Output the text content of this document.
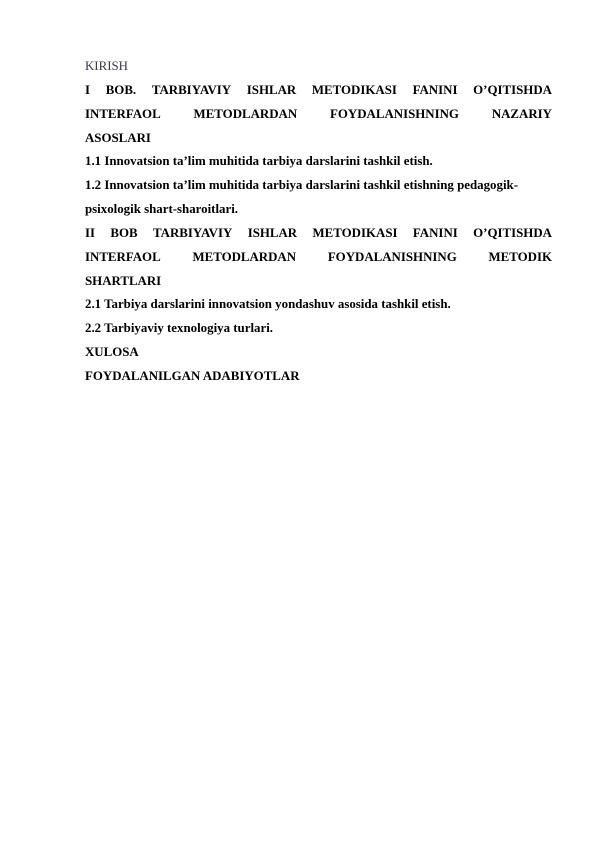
KIRISH
I BOB. TARBIYAVIY ISHLAR METODIKASI FANINI O’QITISHDA
INTERFAOL	METODLARDAN	FOYDALANISHNING	NAZARIY
ASOSLARI
1.1 Innovatsion ta’lim muhitida tarbiya darslarini tashkil etish.
1.2 Innovatsion ta’lim muhitida tarbiya darslarini tashkil etishning pedagogik-
psixologik shart-sharoitlari.
II BOB TARBIYAVIY ISHLAR METODIKASI FANINI O’QITISHDA
INTERFAOL METODLARDAN FOYDALANISHNING METODIK
SHARTLARI
2.1 Tarbiya darslarini innovatsion yondashuv asosida tashkil etish.
2.2 Tarbiyaviy texnologiya turlari.
XULOSA
FOYDALANILGAN ADABIYOTLAR
